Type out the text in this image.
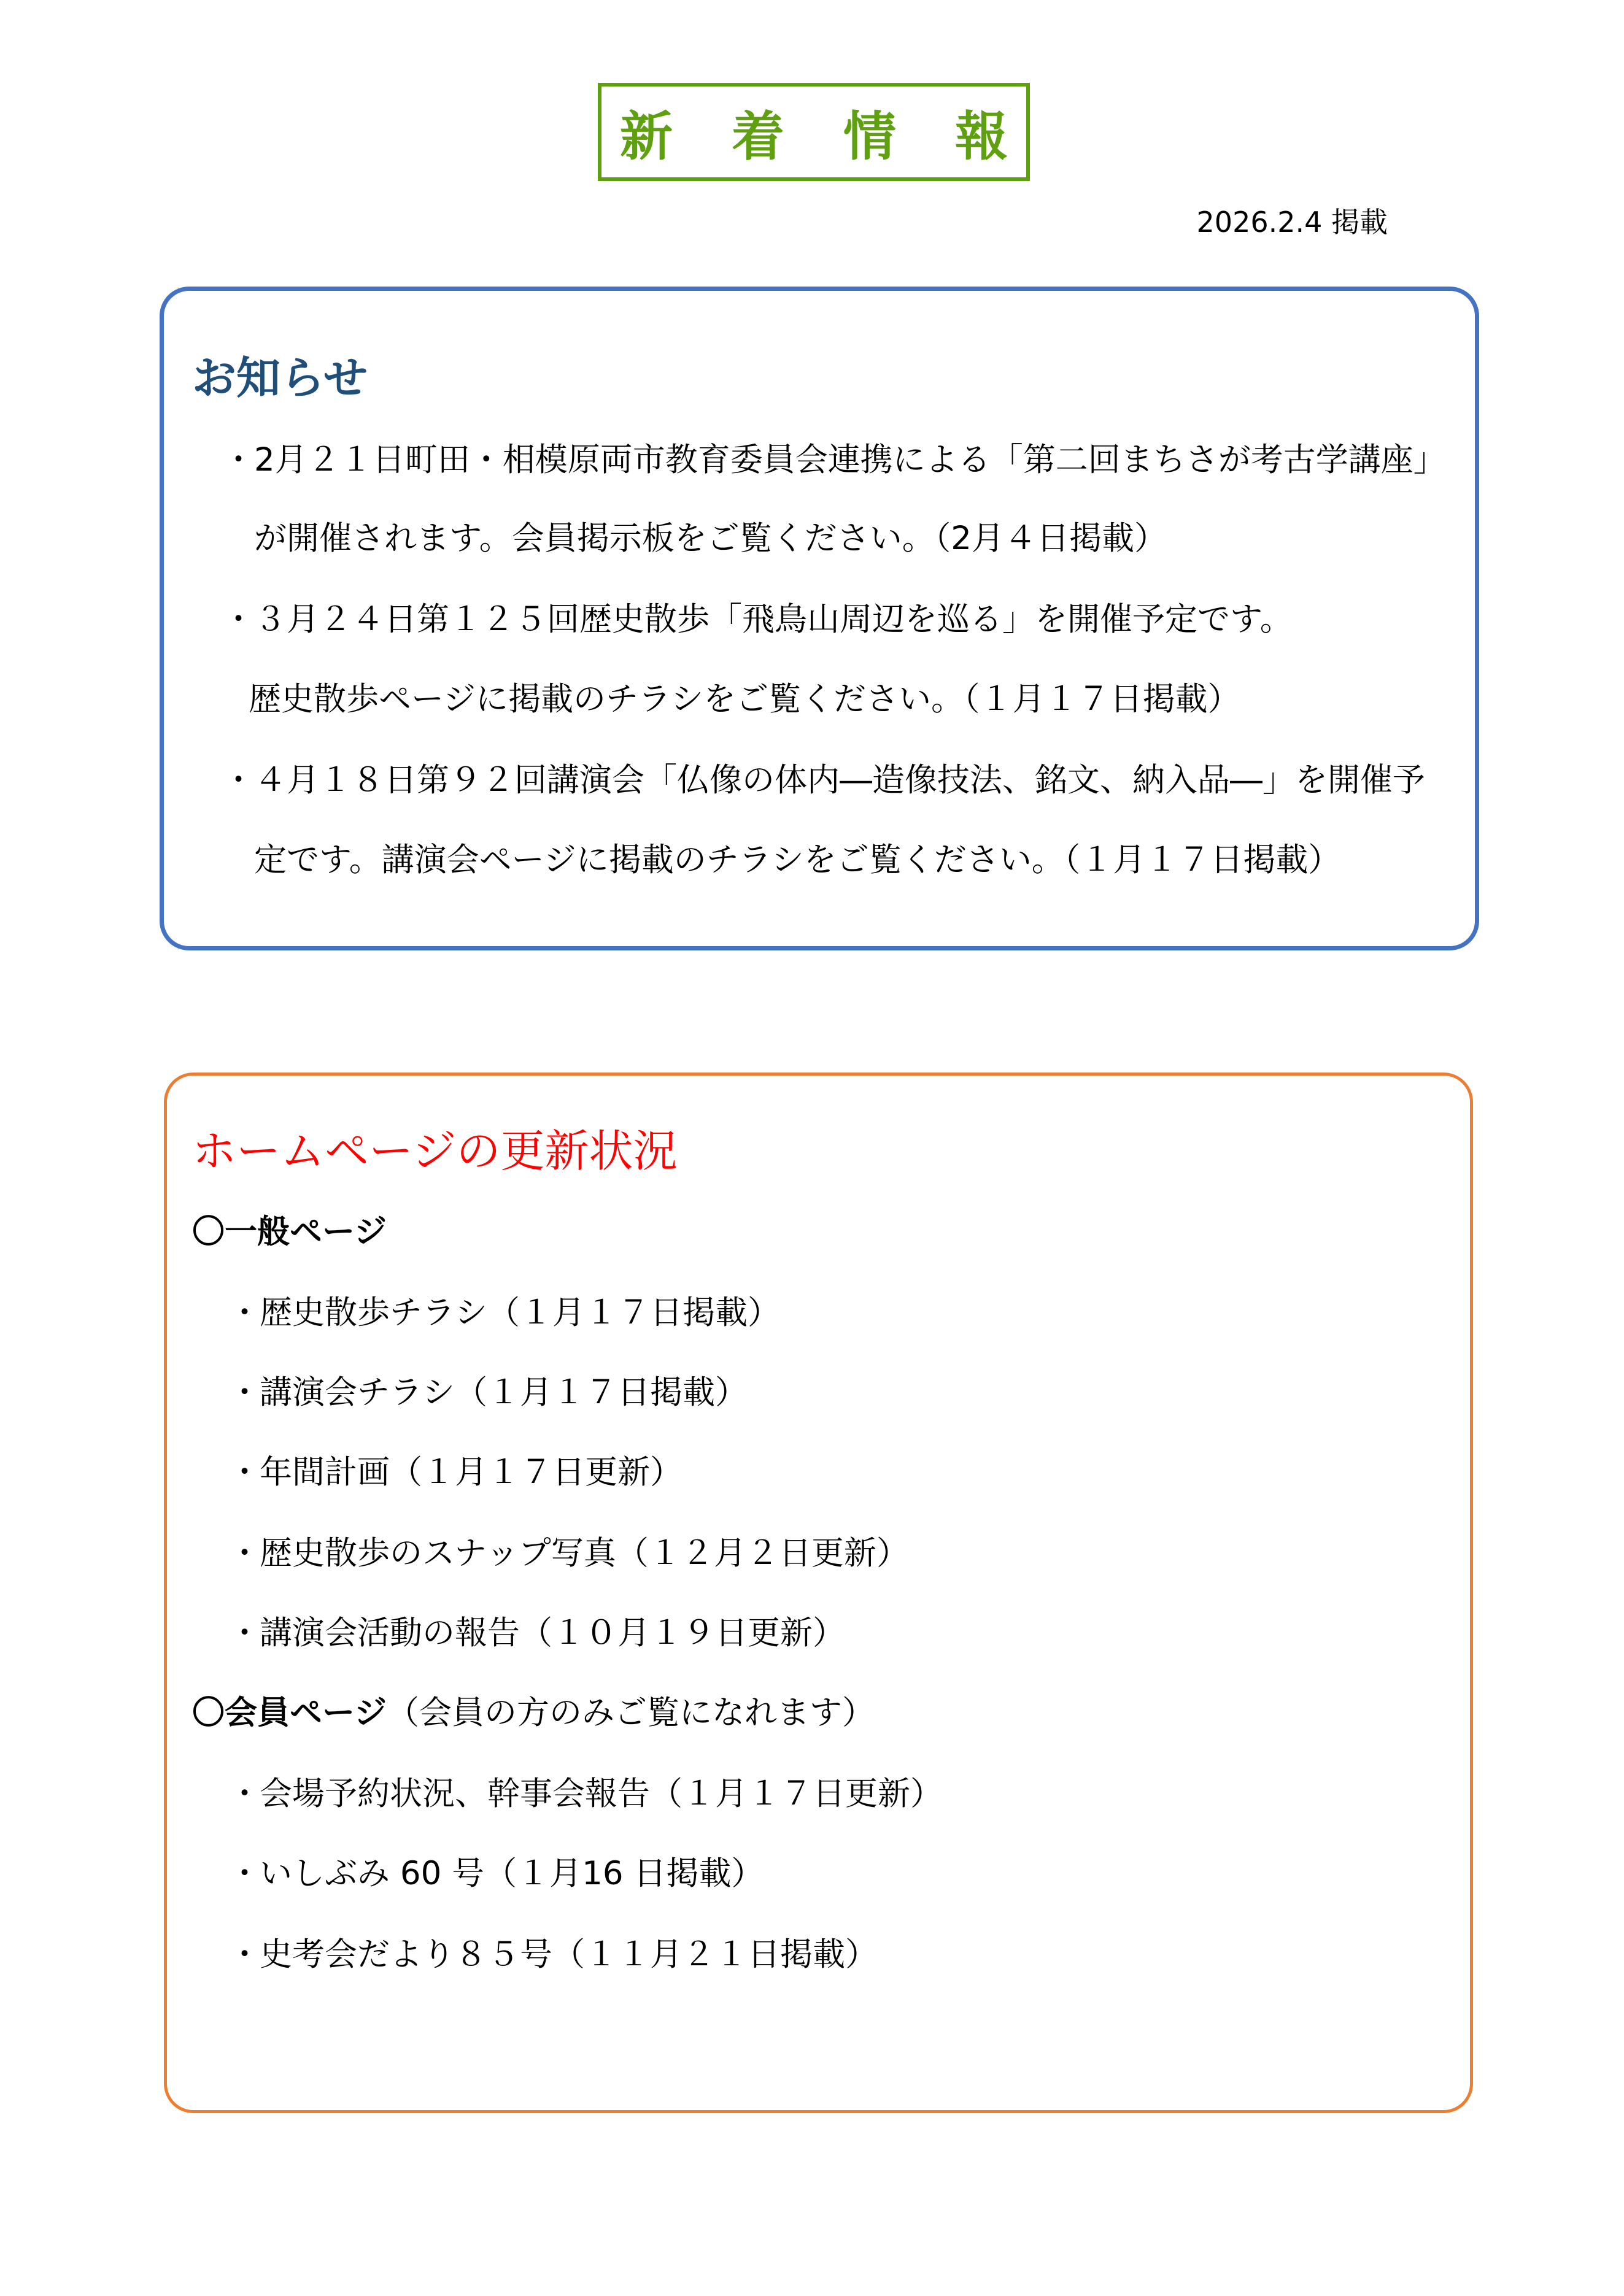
新着情報
2026.2.4 掲載
お知らせ
・ 2月２１日町田・相模原両市教育委員会連携による「第二回まちさが考古学講座」
が開催されます。会員掲示板をご覧ください。（2月４日掲載）
・ ３月２４日第１２５回歴史散歩「飛鳥山周辺を巡る」を開催予定です。
歴史散歩ページに掲載のチラシをご覧ください。（１月１７日掲載）
・ ４月１８日第９２回講演会「仏像の体内―造像技法、銘文、納入品―」を開催予
定です。講演会ページに掲載のチラシをご覧ください。（１月１７日掲載）
ホームページの更新状況
〇一般ページ
・
歴史散歩チラシ（１月１７日掲載）
・
講演会チラシ（１月１７日掲載）
・
年間計画（１月１７日更新）
・
歴史散歩のスナップ写真（１２月２日更新）
・
講演会活動の報告（１０月１９日更新）
〇会員ページ（会員の方のみご覧になれます）
・
会場予約状況、幹事会報告（１月１７日更新）
・
いしぶみ 60 号（１月16 日掲載）
・
史考会だより８５号（１１月２１日掲載）
